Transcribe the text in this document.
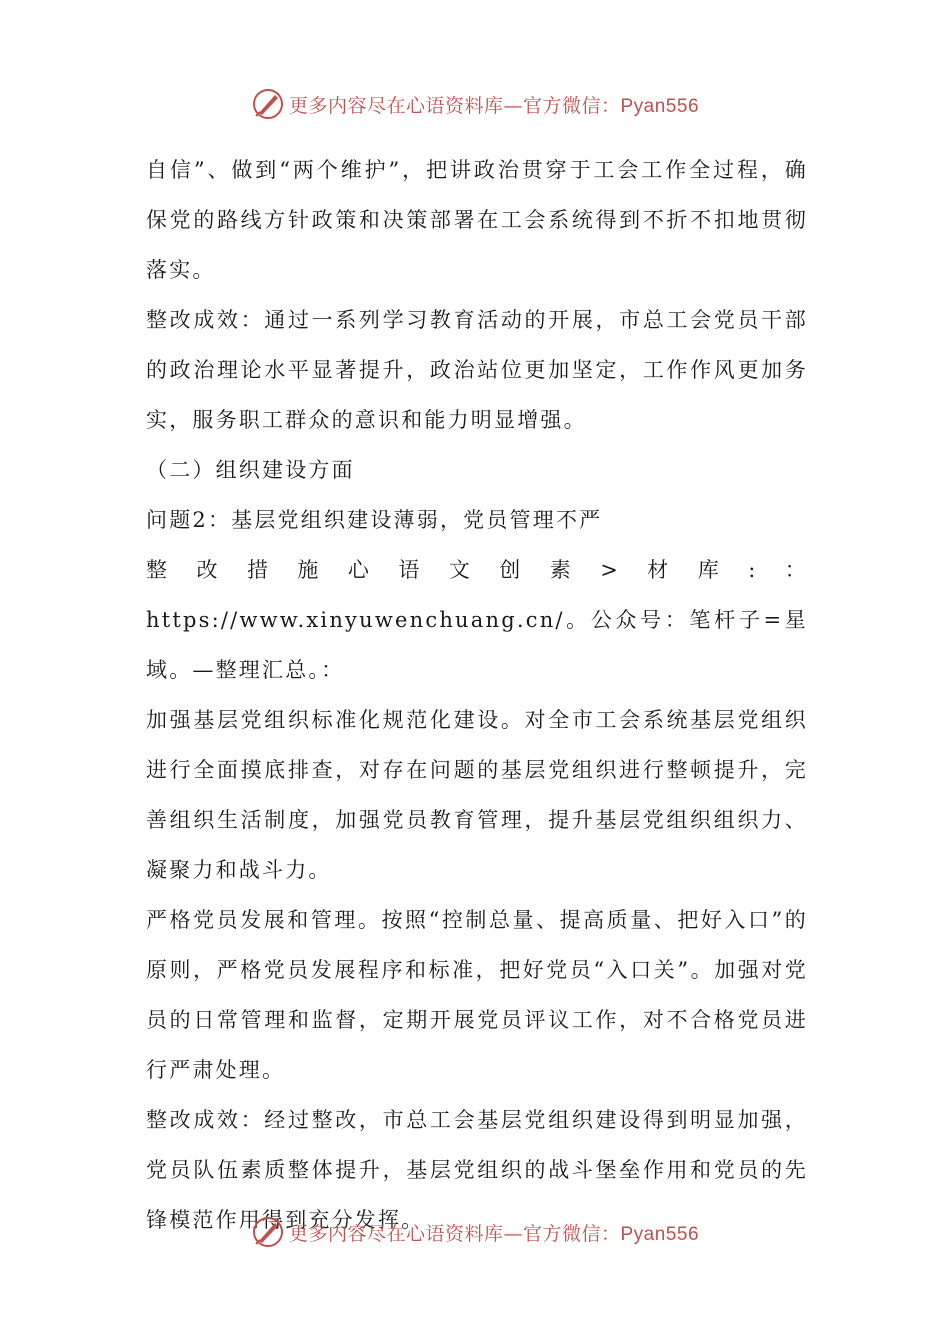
更多内容尽在心语资料库—官方微信：Pyan556

自信”、做到“两个维护”，把讲政治贯穿于工会工作全过程，确保党的路线方针政策和决策部署在工会系统得到不折不扣地贯彻落实。

整改成效：通过一系列学习教育活动的开展，市总工会党员干部的政治理论水平显著提升，政治站位更加坚定，工作作风更加务实，服务职工群众的意识和能力明显增强。

（二）组织建设方面

问题2：基层党组织建设薄弱，党员管理不严

整改措施心语文创素>材库:：https://www.xinyuwenchuang.cn/。公众号：笔杆子=星域。—整理汇总。：

加强基层党组织标准化规范化建设。对全市工会系统基层党组织进行全面摸底排查，对存在问题的基层党组织进行整顿提升，完善组织生活制度，加强党员教育管理，提升基层党组织组织力、凝聚力和战斗力。

严格党员发展和管理。按照“控制总量、提高质量、把好入口”的原则，严格党员发展程序和标准，把好党员“入口关”。加强对党员的日常管理和监督，定期开展党员评议工作，对不合格党员进行严肃处理。

整改成效：经过整改，市总工会基层党组织建设得到明显加强，党员队伍素质整体提升，基层党组织的战斗堡垒作用和党员的先锋模范作用得到充分发挥。

更多内容尽在心语资料库—官方微信：Pyan556
